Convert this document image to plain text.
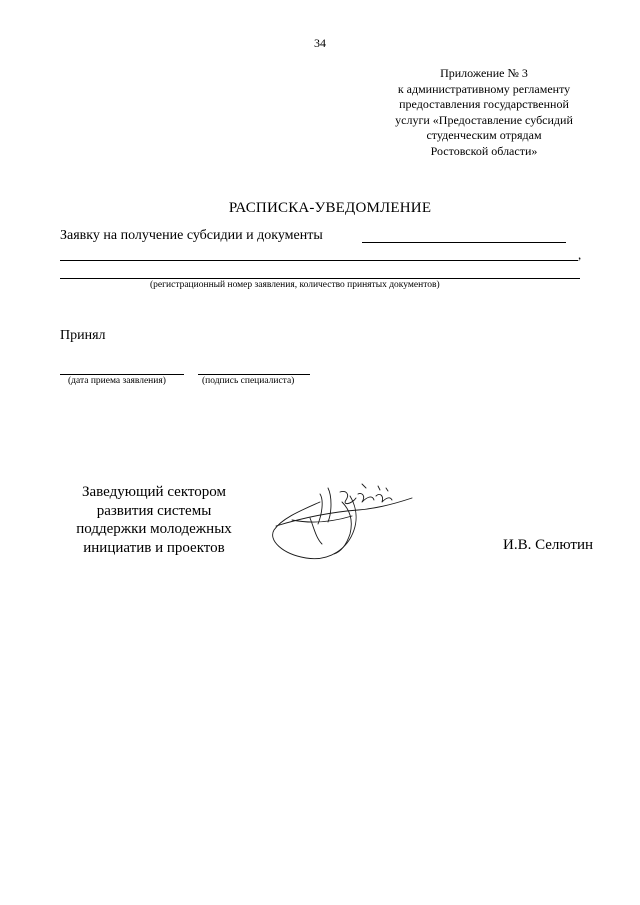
34
Приложение № 3
к административному регламенту
предоставления государственной
услуги «Предоставление субсидий
студенческим отрядам
Ростовской области»
РАСПИСКА-УВЕДОМЛЕНИЕ
Заявку на получение субсидии и документы
,
(регистрационный номер заявления, количество принятых документов)
Принял
(дата приема заявления)	(подпись специалиста)
Заведующий сектором
развития системы
поддержки молодежных
инициатив и проектов	И.В. Селютин
